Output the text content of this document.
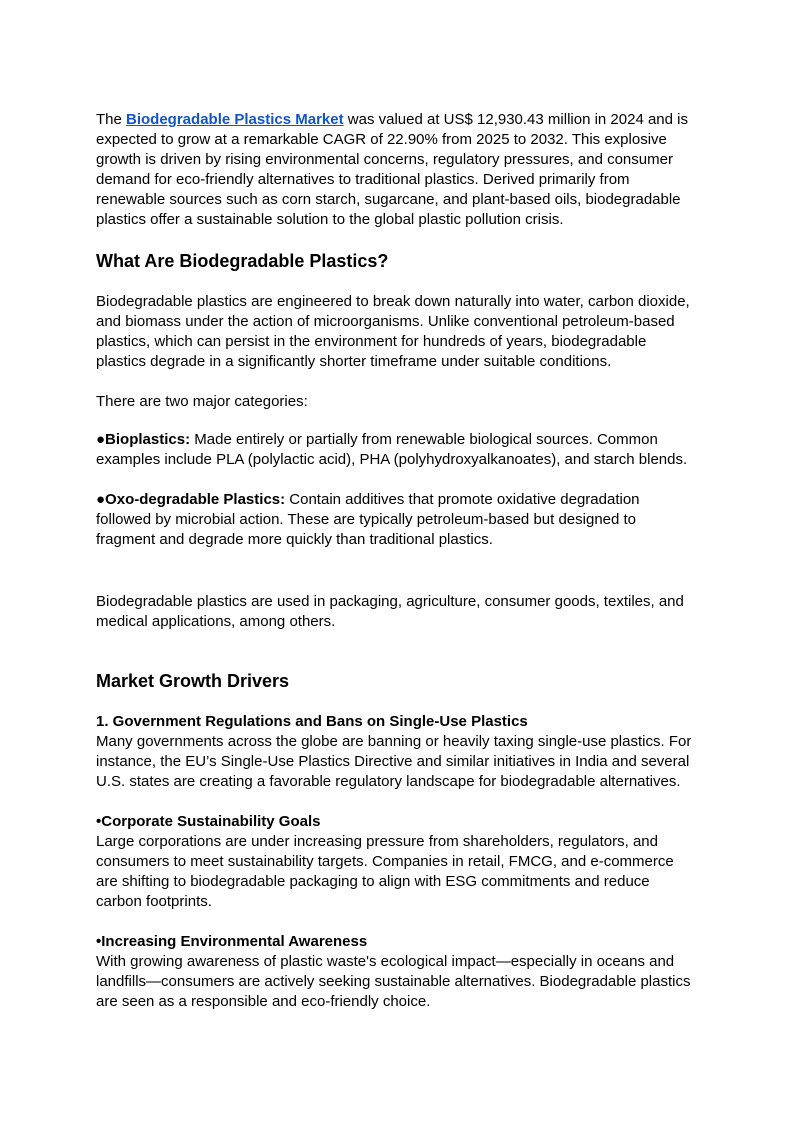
The Biodegradable Plastics Market was valued at US$ 12,930.43 million in 2024 and is expected to grow at a remarkable CAGR of 22.90% from 2025 to 2032. This explosive growth is driven by rising environmental concerns, regulatory pressures, and consumer demand for eco-friendly alternatives to traditional plastics. Derived primarily from renewable sources such as corn starch, sugarcane, and plant-based oils, biodegradable plastics offer a sustainable solution to the global plastic pollution crisis.

What Are Biodegradable Plastics?

Biodegradable plastics are engineered to break down naturally into water, carbon dioxide, and biomass under the action of microorganisms. Unlike conventional petroleum-based plastics, which can persist in the environment for hundreds of years, biodegradable plastics degrade in a significantly shorter timeframe under suitable conditions.

There are two major categories:

●Bioplastics: Made entirely or partially from renewable biological sources. Common examples include PLA (polylactic acid), PHA (polyhydroxyalkanoates), and starch blends.

●Oxo-degradable Plastics: Contain additives that promote oxidative degradation followed by microbial action. These are typically petroleum-based but designed to fragment and degrade more quickly than traditional plastics.

Biodegradable plastics are used in packaging, agriculture, consumer goods, textiles, and medical applications, among others.

Market Growth Drivers
1. Government Regulations and Bans on Single-Use Plastics
Many governments across the globe are banning or heavily taxing single-use plastics. For instance, the EU’s Single-Use Plastics Directive and similar initiatives in India and several U.S. states are creating a favorable regulatory landscape for biodegradable alternatives.
•Corporate Sustainability Goals
Large corporations are under increasing pressure from shareholders, regulators, and consumers to meet sustainability targets. Companies in retail, FMCG, and e-commerce are shifting to biodegradable packaging to align with ESG commitments and reduce carbon footprints.
•Increasing Environmental Awareness
With growing awareness of plastic waste's ecological impact—especially in oceans and landfills—consumers are actively seeking sustainable alternatives. Biodegradable plastics are seen as a responsible and eco-friendly choice.
